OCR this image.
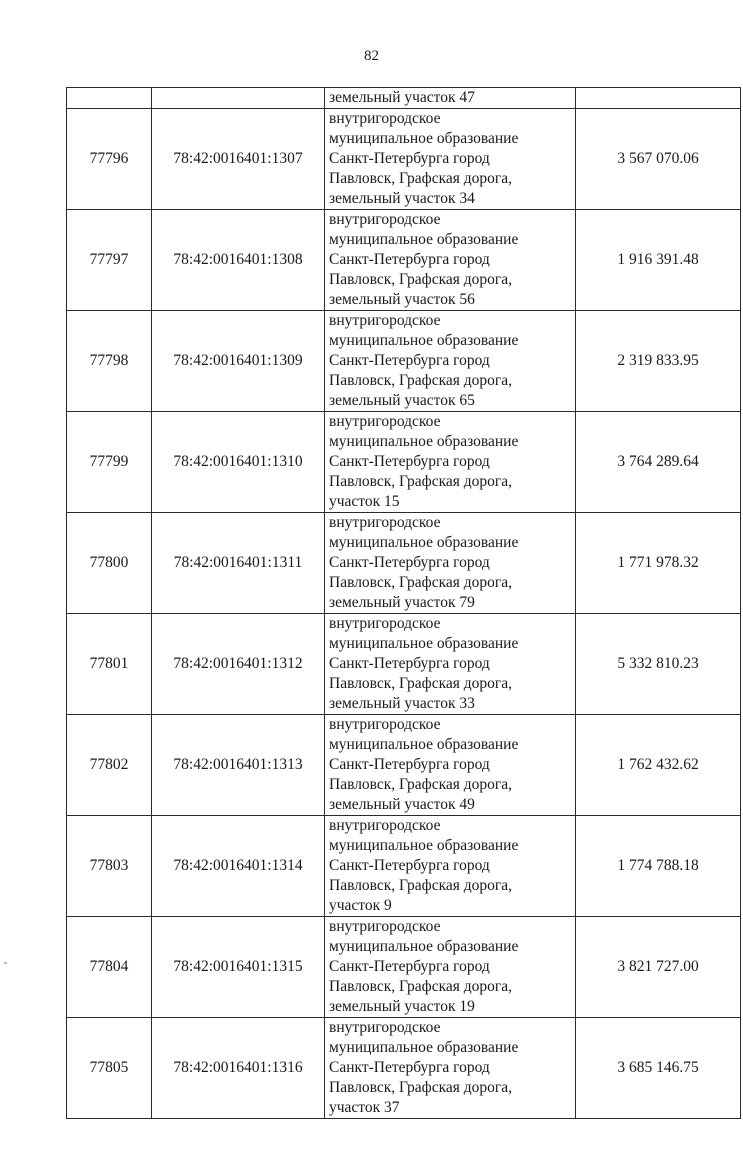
82
		земельный участок 47	
77796	78:42:0016401:1307	внутригородское
муниципальное образование
Санкт-Петербурга город
Павловск, Графская дорога,
земельный участок 34	3 567 070.06
77797	78:42:0016401:1308	внутригородское
муниципальное образование
Санкт-Петербурга город
Павловск, Графская дорога,
земельный участок 56	1 916 391.48
77798	78:42:0016401:1309	внутригородское
муниципальное образование
Санкт-Петербурга город
Павловск, Графская дорога,
земельный участок 65	2 319 833.95
77799	78:42:0016401:1310	внутригородское
муниципальное образование
Санкт-Петербурга город
Павловск, Графская дорога,
участок 15	3 764 289.64
77800	78:42:0016401:1311	внутригородское
муниципальное образование
Санкт-Петербурга город
Павловск, Графская дорога,
земельный участок 79	1 771 978.32
77801	78:42:0016401:1312	внутригородское
муниципальное образование
Санкт-Петербурга город
Павловск, Графская дорога,
земельный участок 33	5 332 810.23
77802	78:42:0016401:1313	внутригородское
муниципальное образование
Санкт-Петербурга город
Павловск, Графская дорога,
земельный участок 49	1 762 432.62
77803	78:42:0016401:1314	внутригородское
муниципальное образование
Санкт-Петербурга город
Павловск, Графская дорога,
участок 9	1 774 788.18
77804	78:42:0016401:1315	внутригородское
муниципальное образование
Санкт-Петербурга город
Павловск, Графская дорога,
земельный участок 19	3 821 727.00
77805	78:42:0016401:1316	внутригородское
муниципальное образование
Санкт-Петербурга город
Павловск, Графская дорога,
участок 37	3 685 146.75
